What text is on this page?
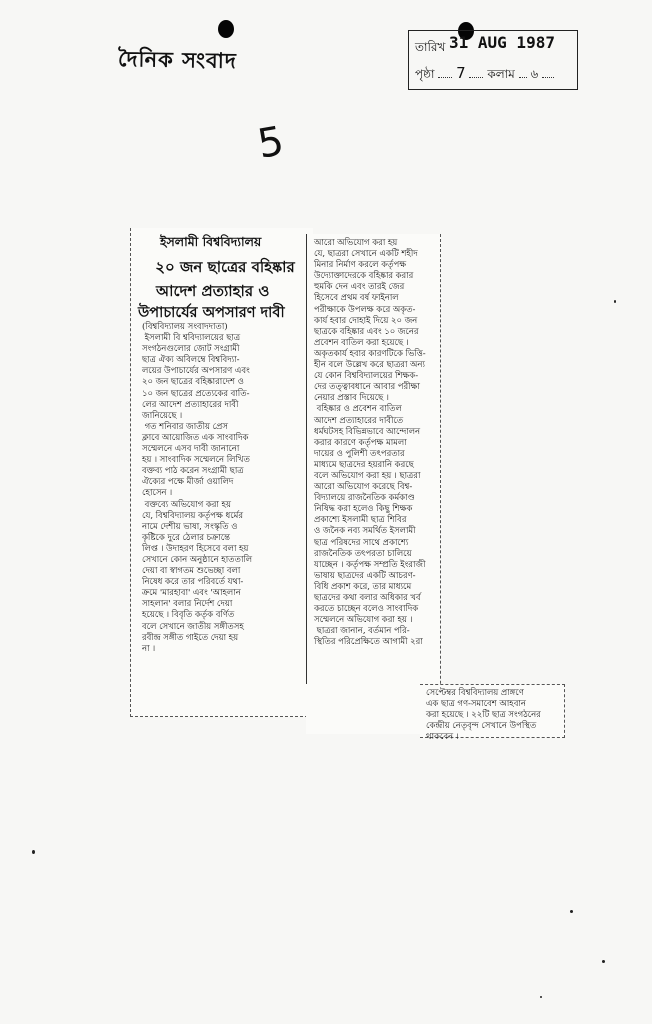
দৈনিক সংবাদ	তারিখ 31 AUG 1987
পৃষ্ঠা 7 কলাম ৬
5
ইসলামী বিশ্ববিদ্যালয়
২০ জন ছাত্রের বহিষ্কার
আদেশ প্রত্যাহার ও
উপাচার্যের অপসারণ দাবী
(বিশ্ববিদ্যালয় সংবাদদাতা)
ইসলামী বি শ্ববিদ্যালয়ের ছাত্র
সংগঠনগুলোর জোট সংগ্রামী
ছাত্র ঐক্য অবিলম্বে বিশ্ববিদ্যা-
লয়ের উপাচার্যের অপসারণ এবং
২০ জন ছাত্রের বহিষ্কারাদেশ ও
১০ জন ছাত্রের প্রত্যেকের বাতি-
লের আদেশ প্রত্যাহারের দাবী
জানিয়েছে ।
গত শনিবার জাতীয় প্রেস
ক্লাবে আয়োজিত এক সাংবাদিক
সম্মেলনে এসব দাবী জানানো
হয় । সাংবাদিক সম্মেলনে লিখিত
বক্তব্য পাঠ করেন সংগ্রামী ছাত্র
ঐক্যের পক্ষে মীর্জা ওয়ালিদ
হোসেন ।
বক্তব্যে অভিযোগ করা হয়
যে, বিশ্ববিদ্যালয় কর্তৃপক্ষ ধর্মের
নামে দেশীয় ভাষা, সংস্কৃতি ও
কৃষ্টিকে দুরে ঠেলার চক্রান্তে
লিপ্ত । উদাহরণ হিসেবে বলা হয়
সেখানে কোন অনুষ্ঠানে হাততালি
দেয়া বা স্বাগতম শুভেচ্ছা বলা
নিষেধ করে তার পরিবর্তে যথা-
ক্রমে 'মারহাবা' এবং 'আহলান
সাহলান' বলার নির্দেশ দেয়া
হয়েছে । বিবৃতি কর্তৃক বর্ণিত
বলে সেখানে জাতীয় সঙ্গীতসহ
রবীন্দ্র সঙ্গীত গাইতে দেয়া হয়
না ।
আরো অভিযোগ করা হয়
যে, ছাত্ররা সেখানে একটি শহীদ
মিনার নির্মাণ করলে কর্তৃপক্ষ
উদ্যোক্তাদেরকে বহিষ্কার করার
হুমকি দেন এবং তারই জের
হিসেবে প্রথম বর্ষ ফাইনাল
পরীক্ষাকে উপলক্ষ করে অকৃত-
কার্য হবার দোহাই দিয়ে ২০ জন
ছাত্রকে বহিষ্কার এবং ১০ জনের
প্রবেশন বাতিল করা হয়েছে ।
অকৃতকার্য হবার কারণটিকে ভিত্তি-
হীন বলে উল্লেখ করে ছাত্ররা অন্য
যে কোন বিশ্ববিদ্যালয়ের শিক্ষক-
দের তত্ত্বাবধানে আবার পরীক্ষা
নেয়ার প্রস্তাব দিয়েছে ।
বহিষ্কার ও প্রবেশন বাতিল
আদেশ প্রত্যাহারের দাবীতে
ধর্মঘটসহ বিভিন্নভাবে আন্দোলন
করার কারণে কর্তৃপক্ষ মামলা
দায়ের ও পুলিশী তৎপরতার
মাধ্যমে ছাত্রদের হয়রানি করছে
বলে অভিযোগ করা হয় । ছাত্ররা
আরো অভিযোগ করেছে বিশ্ব-
বিদ্যালয়ে রাজনৈতিক কর্মকাণ্ড
নিষিদ্ধ করা হলেও কিছু শিক্ষক
প্রকাশ্যে ইসলামী ছাত্র শিবির
ও জনৈক নব্য সমর্থিত ইসলামী
ছাত্র পরিষদের সাথে প্রকাশ্যে
রাজনৈতিক তৎপরতা চালিয়ে
যাচ্ছেন । কর্তৃপক্ষ সম্প্রতি ইংরাজী
ভাষায় ছাত্রদের একটি আচরণ-
বিধি প্রকাশ করে, তার মাধ্যমে
ছাত্রদের কথা বলার অধিকার খর্ব
করতে চাচ্ছেন বলেও সাংবাদিক
সম্মেলনে অভিযোগ করা হয় ।
ছাত্ররা জানান, বর্তমান পরি-
স্থিতির পরিপ্রেক্ষিতে আগামী ২রা
সেপ্টেম্বর বিশ্ববিদ্যালয় প্রাঙ্গণে
এক ছাত্র গণ-সমাবেশ আহবান
করা হয়েছে । ২২টি ছাত্র সংগঠনের
কেন্দ্রীয় নেতৃবৃন্দ সেখানে উপস্থিত
থাকবেন ।
